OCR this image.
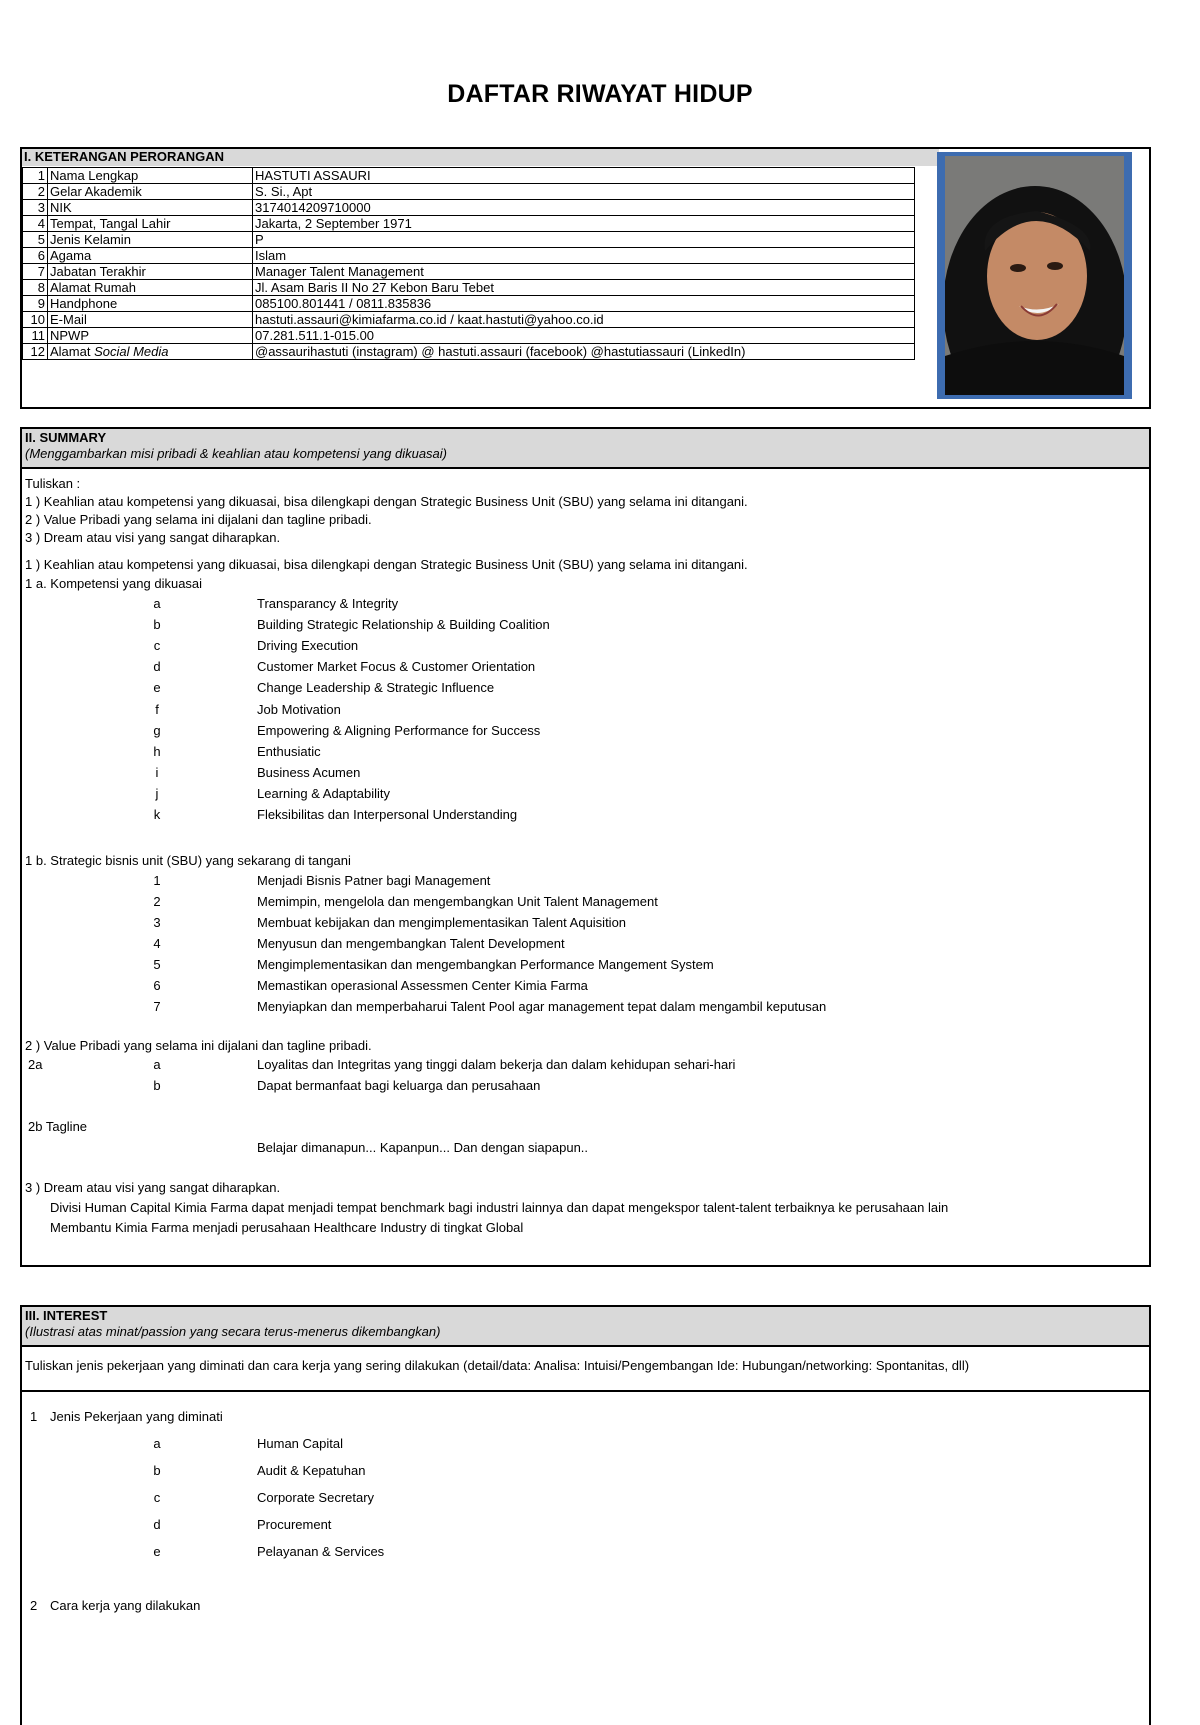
DAFTAR RIWAYAT HIDUP
I. KETERANGAN PERORANGAN
1	Nama Lengkap	HASTUTI ASSAURI
2	Gelar Akademik	S. Si., Apt
3	NIK	3174014209710000
4	Tempat, Tangal Lahir	Jakarta, 2 September 1971
5	Jenis Kelamin	P
6	Agama	Islam
7	Jabatan Terakhir	Manager Talent Management
8	Alamat Rumah	Jl. Asam Baris II No 27 Kebon Baru Tebet
9	Handphone	085100.801441 / 0811.835836
10	E-Mail	hastuti.assauri@kimiafarma.co.id / kaat.hastuti@yahoo.co.id
11	NPWP	07.281.511.1-015.00
12	Alamat Social Media	@assaurihastuti (instagram) @ hastuti.assauri (facebook) @hastutiassauri (LinkedIn)
II. SUMMARY
(Menggambarkan misi pribadi & keahlian atau kompetensi yang dikuasai)
Tuliskan :
1 ) Keahlian atau kompetensi yang dikuasai, bisa dilengkapi dengan Strategic Business Unit (SBU) yang selama ini ditangani.
2 ) Value Pribadi yang selama ini dijalani dan tagline pribadi.
3 ) Dream atau visi yang sangat diharapkan.
1 ) Keahlian atau kompetensi yang dikuasai, bisa dilengkapi dengan Strategic Business Unit (SBU) yang selama ini ditangani.
1 a. Kompetensi yang dikuasai
a	Transparancy & Integrity
b	Building Strategic Relationship & Building Coalition
c	Driving Execution
d	Customer Market Focus & Customer Orientation
e	Change Leadership & Strategic Influence
f	Job Motivation
g	Empowering & Aligning Performance for Success
h	Enthusiatic
i	Business Acumen
j	Learning & Adaptability
k	Fleksibilitas dan Interpersonal Understanding
1 b. Strategic bisnis unit (SBU) yang sekarang di tangani
1	Menjadi Bisnis Patner bagi Management
2	Memimpin, mengelola dan mengembangkan Unit Talent Management
3	Membuat kebijakan dan mengimplementasikan Talent Aquisition
4	Menyusun dan mengembangkan Talent Development
5	Mengimplementasikan dan mengembangkan Performance Mangement System
6	Memastikan operasional Assessmen Center Kimia Farma
7	Menyiapkan dan memperbaharui Talent Pool agar management tepat dalam mengambil keputusan
2 ) Value Pribadi yang selama ini dijalani dan tagline pribadi.
2a	a	Loyalitas dan Integritas yang tinggi dalam bekerja dan dalam kehidupan sehari-hari
b	Dapat bermanfaat bagi keluarga dan perusahaan
2b Tagline
Belajar dimanapun... Kapanpun... Dan dengan siapapun..
3 ) Dream atau visi yang sangat diharapkan.
Divisi Human Capital Kimia Farma dapat menjadi tempat benchmark bagi industri lainnya dan dapat mengekspor talent-talent terbaiknya ke perusahaan lain
Membantu Kimia Farma menjadi perusahaan Healthcare Industry di tingkat Global
III. INTEREST
(Ilustrasi atas minat/passion yang secara terus-menerus dikembangkan)
Tuliskan jenis pekerjaan yang diminati dan cara kerja yang sering dilakukan (detail/data: Analisa: Intuisi/Pengembangan Ide: Hubungan/networking: Spontanitas, dll)
1 Jenis Pekerjaan yang diminati
a	Human Capital
b	Audit & Kepatuhan
c	Corporate Secretary
d	Procurement
e	Pelayanan & Services
2 Cara kerja yang dilakukan
